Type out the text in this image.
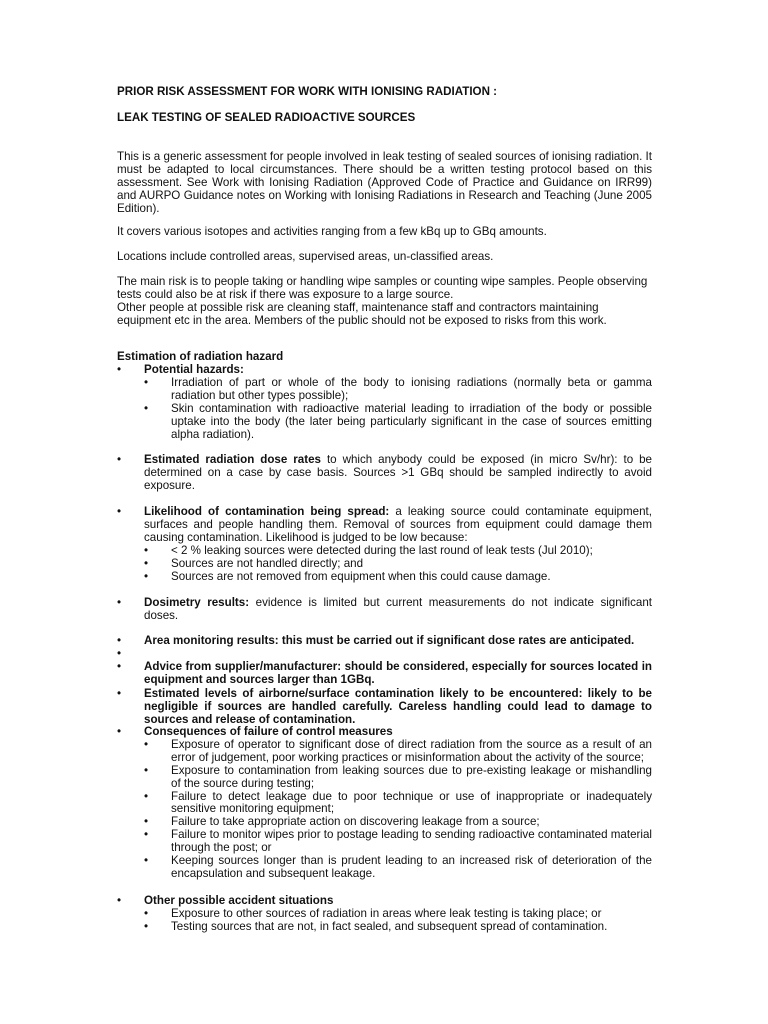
PRIOR RISK ASSESSMENT FOR WORK WITH IONISING RADIATION :
LEAK TESTING OF SEALED RADIOACTIVE SOURCES

This is a generic assessment for people involved in leak testing of sealed sources of ionising radiation. It must be adapted to local circumstances. There should be a written testing protocol based on this assessment. See Work with Ionising Radiation (Approved Code of Practice and Guidance on IRR99) and AURPO Guidance notes on Working with Ionising Radiations in Research and Teaching (June 2005 Edition).

It covers various isotopes and activities ranging from a few kBq up to GBq amounts.

Locations include controlled areas, supervised areas, un-classified areas.

The main risk is to people taking or handling wipe samples or counting wipe samples. People observing tests could also be at risk if there was exposure to a large source.

Other people at possible risk are cleaning staff, maintenance staff and contractors maintaining equipment etc in the area. Members of the public should not be exposed to risks from this work.

Estimation of radiation hazard
•	Potential hazards:
• Irradiation of part or whole of the body to ionising radiations (normally beta or gamma radiation but other types possible);
• Skin contamination with radioactive material leading to irradiation of the body or possible uptake into the body (the later being particularly significant in the case of sources emitting alpha radiation).
•	Estimated radiation dose rates to which anybody could be exposed (in micro Sv/hr): to be determined on a case by case basis. Sources >1 GBq should be sampled indirectly to avoid exposure.
•	Likelihood of contamination being spread: a leaking source could contaminate equipment, surfaces and people handling them. Removal of sources from equipment could damage them causing contamination. Likelihood is judged to be low because:
• < 2 % leaking sources were detected during the last round of leak tests (Jul 2010);
• Sources are not handled directly; and
• Sources are not removed from equipment when this could cause damage.
•	Dosimetry results: evidence is limited but current measurements do not indicate significant doses.
•	Area monitoring results: this must be carried out if significant dose rates are anticipated.
•
•	Advice from supplier/manufacturer: should be considered, especially for sources located in equipment and sources larger than 1GBq.
•	Estimated levels of airborne/surface contamination likely to be encountered: likely to be negligible if sources are handled carefully. Careless handling could lead to damage to sources and release of contamination.
•	Consequences of failure of control measures
• Exposure of operator to significant dose of direct radiation from the source as a result of an error of judgement, poor working practices or misinformation about the activity of the source;
• Exposure to contamination from leaking sources due to pre-existing leakage or mishandling of the source during testing;
• Failure to detect leakage due to poor technique or use of inappropriate or inadequately sensitive monitoring equipment;
• Failure to take appropriate action on discovering leakage from a source;
• Failure to monitor wipes prior to postage leading to sending radioactive contaminated material through the post; or
• Keeping sources longer than is prudent leading to an increased risk of deterioration of the encapsulation and subsequent leakage.
•	Other possible accident situations
• Exposure to other sources of radiation in areas where leak testing is taking place; or
• Testing sources that are not, in fact sealed, and subsequent spread of contamination.
